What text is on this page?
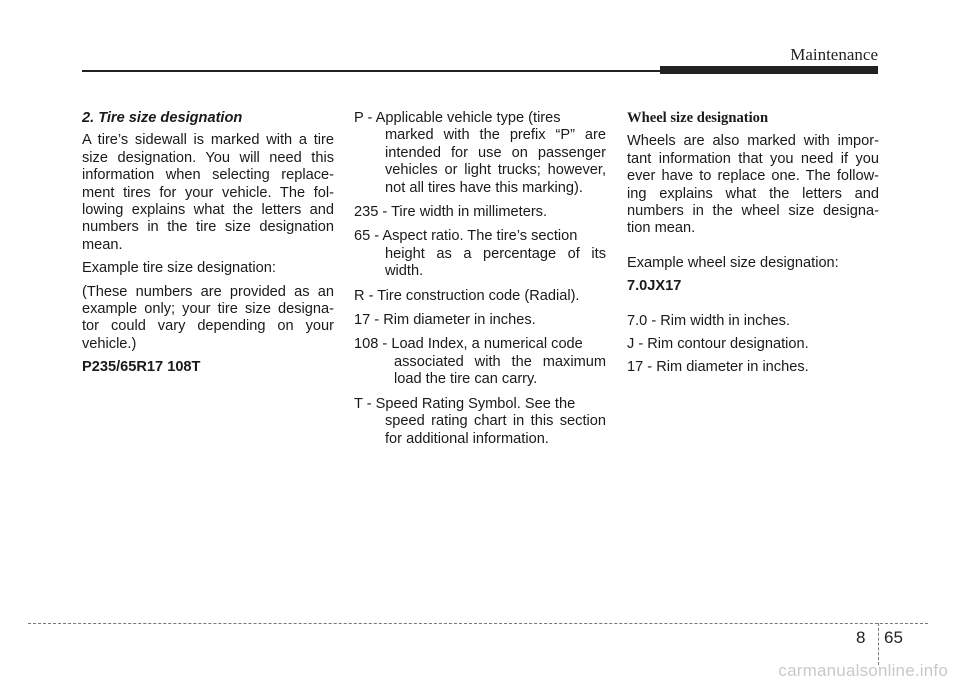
Maintenance

2. Tire size designation

A tire’s sidewall is marked with a tire size designation. You will need this information when selecting replace-ment tires for your vehicle. The fol-lowing explains what the letters and numbers in the tire size designation mean.

Example tire size designation:

(These numbers are provided as an example only; your tire size designa-tor could vary depending on your vehicle.)

P235/65R17 108T

P - Applicable vehicle type (tires
marked with the prefix “P” are intended for use on passenger vehicles or light trucks; however, not all tires have this marking).
235 - Tire width in millimeters.
65 - Aspect ratio. The tire’s section
height as a percentage of its width.
R - Tire construction code (Radial).
17 - Rim diameter in inches.
108 - Load Index, a numerical code
associated with the maximum load the tire can carry.
T - Speed Rating Symbol. See the
speed rating chart in this section for additional information.

Wheel size designation

Wheels are also marked with impor-tant information that you need if you ever have to replace one. The follow-ing explains what the letters and numbers in the wheel size designa-tion mean.

Example wheel size designation:

7.0JX17

7.0 - Rim width in inches.

J - Rim contour designation.

17 - Rim diameter in inches.

8 65
carmanualsonline.info
